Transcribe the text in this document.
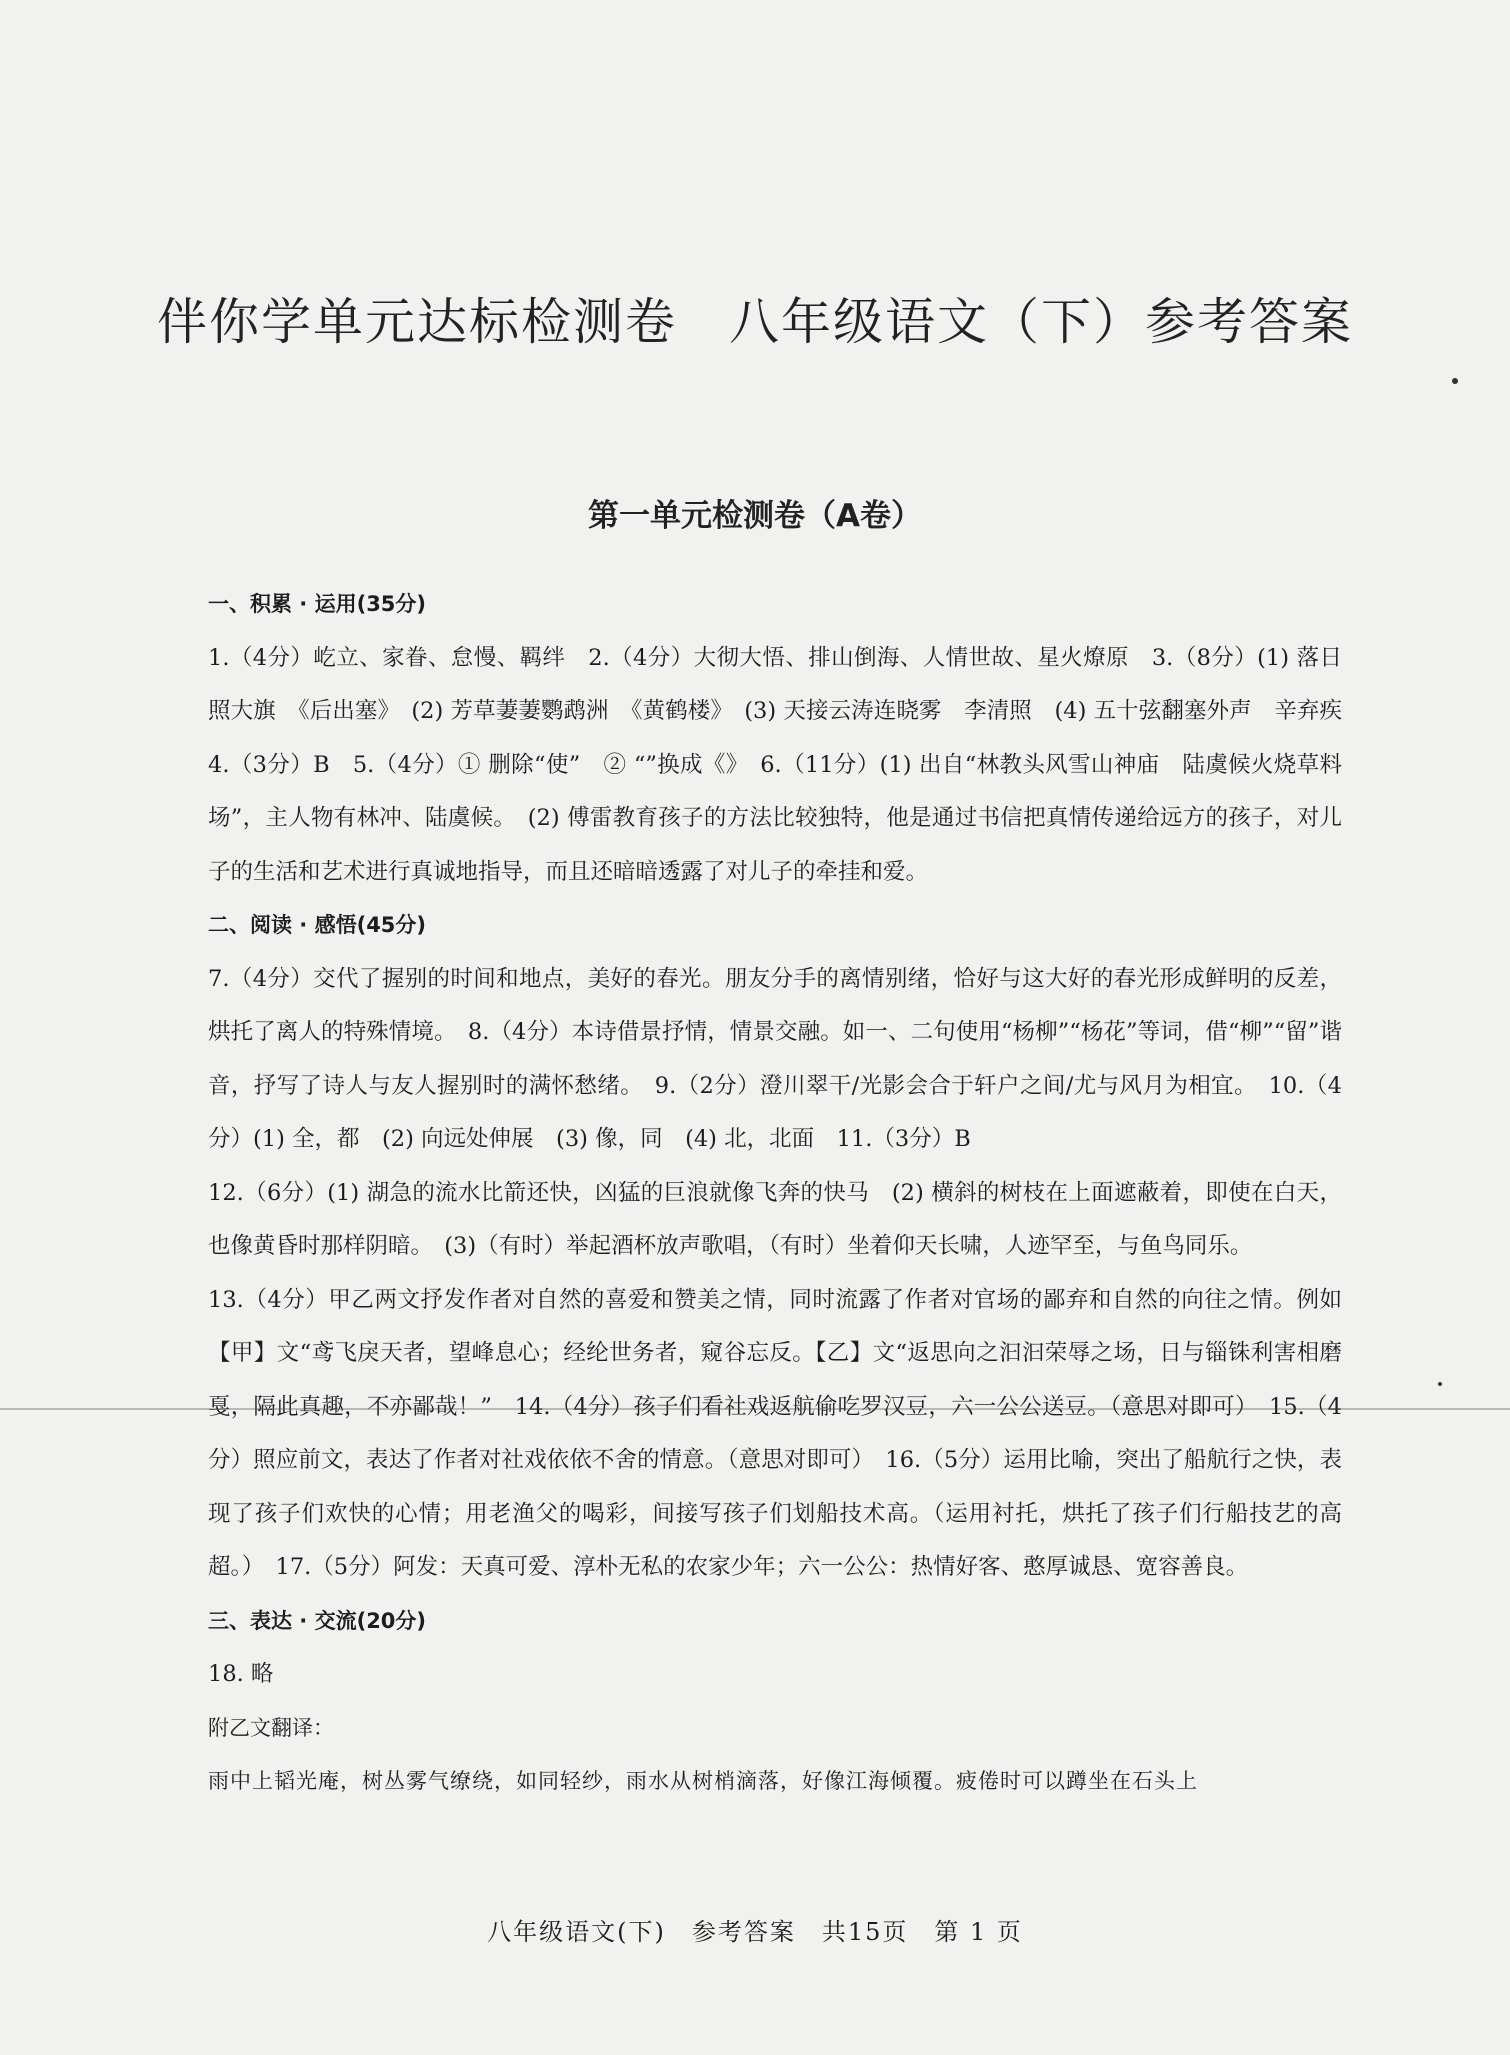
伴你学单元达标检测卷　八年级语文（下）参考答案
第一单元检测卷（A卷）

一、积累 · 运用(35分)

1.（4分）屹立、家眷、怠慢、羁绊　2.（4分）大彻大悟、排山倒海、人情世故、星火燎原　3.（8分）(1) 落日照大旗　《后出塞》　(2) 芳草萋萋鹦鹉洲　《黄鹤楼》　(3) 天接云涛连晓雾　李清照　(4) 五十弦翻塞外声　辛弃疾　4.（3分）B　5.（4分）① 删除“使”　② “”换成《》　6.（11分）(1) 出自“林教头风雪山神庙　陆虞候火烧草料场”，主人物有林冲、陆虞候。　(2) 傅雷教育孩子的方法比较独特，他是通过书信把真情传递给远方的孩子，对儿子的生活和艺术进行真诚地指导，而且还暗暗透露了对儿子的牵挂和爱。

二、阅读 · 感悟(45分)

7.（4分）交代了握别的时间和地点，美好的春光。朋友分手的离情别绪，恰好与这大好的春光形成鲜明的反差，烘托了离人的特殊情境。　8.（4分）本诗借景抒情，情景交融。如一、二句使用“杨柳”“杨花”等词，借“柳”“留”谐音，抒写了诗人与友人握别时的满怀愁绪。　9.（2分）澄川翠干/光影会合于轩户之间/尤与风月为相宜。　10.（4分）(1) 全，都　(2) 向远处伸展　(3) 像，同　(4) 北，北面　11.（3分）B

12.（6分）(1) 湖急的流水比箭还快，凶猛的巨浪就像飞奔的快马　(2) 横斜的树枝在上面遮蔽着，即使在白天，也像黄昏时那样阴暗。　(3)（有时）举起酒杯放声歌唱，（有时）坐着仰天长啸，人迹罕至，与鱼鸟同乐。

13.（4分）甲乙两文抒发作者对自然的喜爱和赞美之情，同时流露了作者对官场的鄙弃和自然的向往之情。例如【甲】文“鸢飞戾天者，望峰息心；经纶世务者，窥谷忘反。【乙】文“返思向之汩汩荣辱之场，日与锱铢利害相磨戛，隔此真趣，不亦鄙哉！”　14.（4分）孩子们看社戏返航偷吃罗汉豆，六一公公送豆。（意思对即可）　15.（4分）照应前文，表达了作者对社戏依依不舍的情意。（意思对即可）　16.（5分）运用比喻，突出了船航行之快，表现了孩子们欢快的心情；用老渔父的喝彩，间接写孩子们划船技术高。（运用衬托，烘托了孩子们行船技艺的高超。）　17.（5分）阿发：天真可爱、淳朴无私的农家少年；六一公公：热情好客、憨厚诚恳、宽容善良。

三、表达 · 交流(20分)

18. 略

附乙文翻译：

雨中上韬光庵，树丛雾气缭绕，如同轻纱，雨水从树梢滴落，好像江海倾覆。疲倦时可以蹲坐在石头上

八年级语文(下)　参考答案　共15页　第 1 页
